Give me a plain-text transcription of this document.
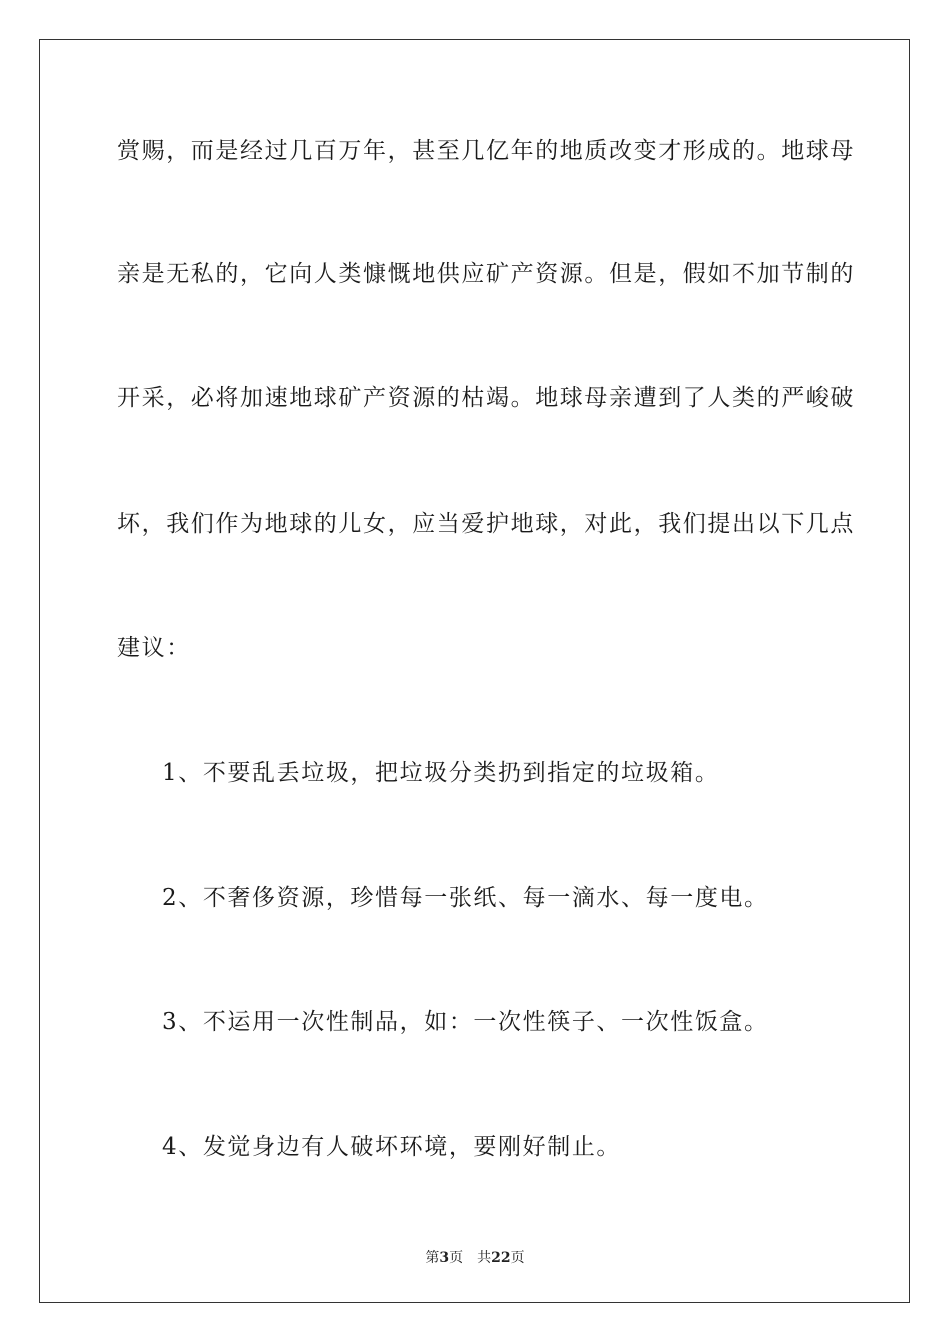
赏赐，而是经过几百万年，甚至几亿年的地质改变才形成的。地球母
亲是无私的，它向人类慷慨地供应矿产资源。但是，假如不加节制的
开采，必将加速地球矿产资源的枯竭。地球母亲遭到了人类的严峻破
坏，我们作为地球的儿女，应当爱护地球，对此，我们提出以下几点
建议：
1、不要乱丢垃圾，把垃圾分类扔到指定的垃圾箱。
2、不奢侈资源，珍惜每一张纸、每一滴水、每一度电。
3、不运用一次性制品，如：一次性筷子、一次性饭盒。
4、发觉身边有人破坏环境，要刚好制止。
第3页 共22页
